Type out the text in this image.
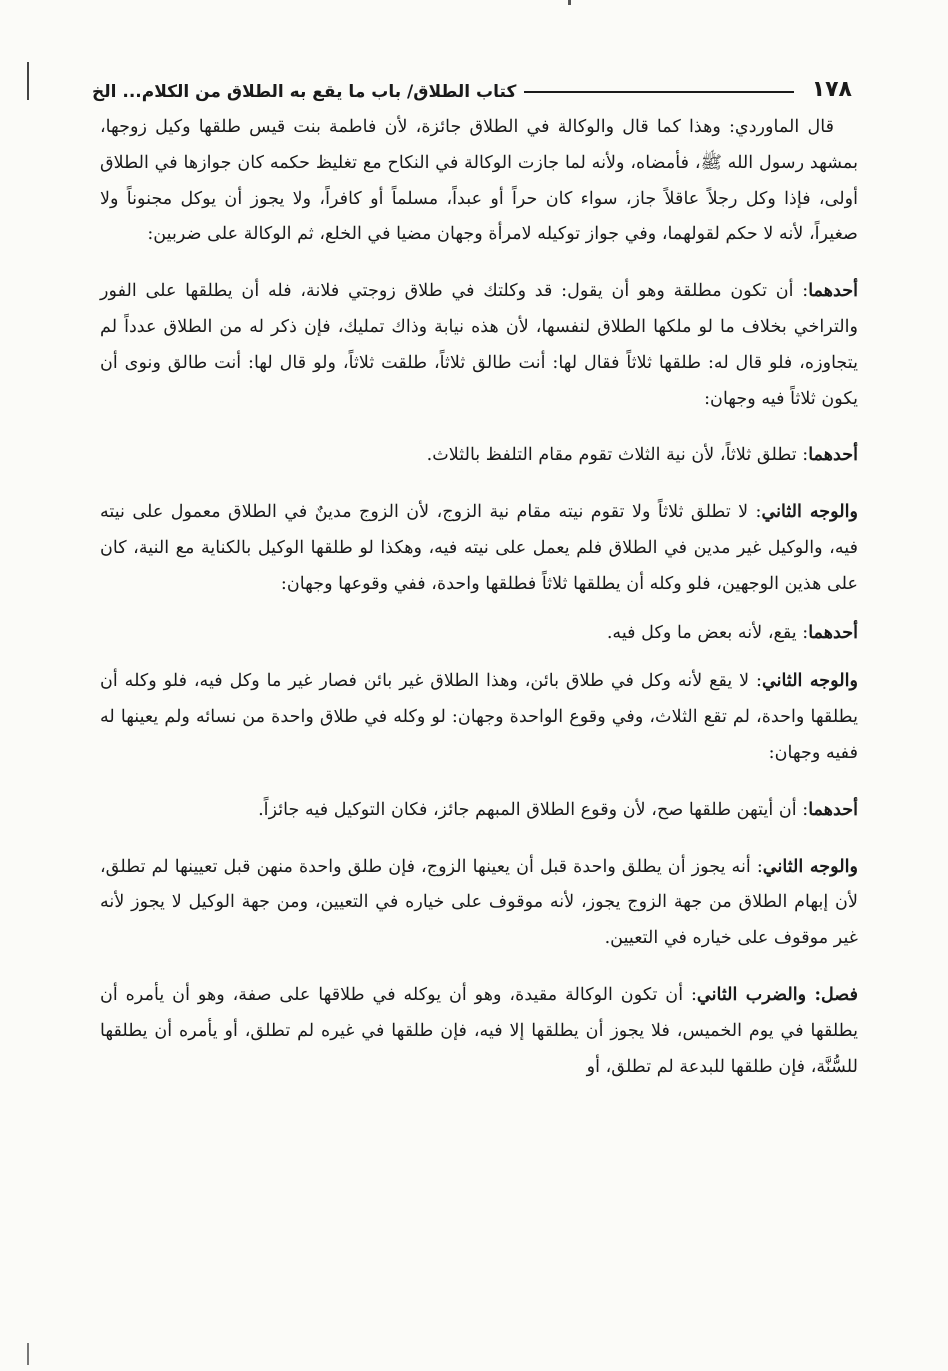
١٧٨
كتاب الطلاق/ باب ما يقع به الطلاق من الكلام... الخ

قال الماوردي: وهذا كما قال والوكالة في الطلاق جائزة، لأن فاطمة بنت قيس طلقها وكيل زوجها، بمشهد رسول الله ﷺ، فأمضاه، ولأنه لما جازت الوكالة في النكاح مع تغليظ حكمه كان جوازها في الطلاق أولى، فإذا وكل رجلاً عاقلاً جاز، سواء كان حراً أو عبداً، مسلماً أو كافراً، ولا يجوز أن يوكل مجنوناً ولا صغيراً، لأنه لا حكم لقولهما، وفي جواز توكيله لامرأة وجهان مضيا في الخلع، ثم الوكالة على ضربين:

أحدهما: أن تكون مطلقة وهو أن يقول: قد وكلتك في طلاق زوجتي فلانة، فله أن يطلقها على الفور والتراخي بخلاف ما لو ملكها الطلاق لنفسها، لأن هذه نيابة وذاك تمليك، فإن ذكر له من الطلاق عدداً لم يتجاوزه، فلو قال له: طلقها ثلاثاً فقال لها: أنت طالق ثلاثاً، طلقت ثلاثاً، ولو قال لها: أنت طالق ونوى أن يكون ثلاثاً فيه وجهان:

أحدهما: تطلق ثلاثاً، لأن نية الثلاث تقوم مقام التلفظ بالثلاث.

والوجه الثاني: لا تطلق ثلاثاً ولا تقوم نيته مقام نية الزوج، لأن الزوج مدينٌ في الطلاق معمول على نيته فيه، والوكيل غير مدين في الطلاق فلم يعمل على نيته فيه، وهكذا لو طلقها الوكيل بالكناية مع النية، كان على هذين الوجهين، فلو وكله أن يطلقها ثلاثاً فطلقها واحدة، ففي وقوعها وجهان:

أحدهما: يقع، لأنه بعض ما وكل فيه.

والوجه الثاني: لا يقع لأنه وكل في طلاق بائن، وهذا الطلاق غير بائن فصار غير ما وكل فيه، فلو وكله أن يطلقها واحدة، لم تقع الثلاث، وفي وقوع الواحدة وجهان: لو وكله في طلاق واحدة من نسائه ولم يعينها له ففيه وجهان:

أحدهما: أن أيتهن طلقها صح، لأن وقوع الطلاق المبهم جائز، فكان التوكيل فيه جائزاً.

والوجه الثاني: أنه يجوز أن يطلق واحدة قبل أن يعينها الزوج، فإن طلق واحدة منهن قبل تعيينها لم تطلق، لأن إبهام الطلاق من جهة الزوج يجوز، لأنه موقوف على خياره في التعيين، ومن جهة الوكيل لا يجوز لأنه غير موقوف على خياره في التعيين.

فصل: والضرب الثاني: أن تكون الوكالة مقيدة، وهو أن يوكله في طلاقها على صفة، وهو أن يأمره أن يطلقها في يوم الخميس، فلا يجوز أن يطلقها إلا فيه، فإن طلقها في غيره لم تطلق، أو يأمره أن يطلقها للسُّنَّة، فإن طلقها للبدعة لم تطلق، أو
